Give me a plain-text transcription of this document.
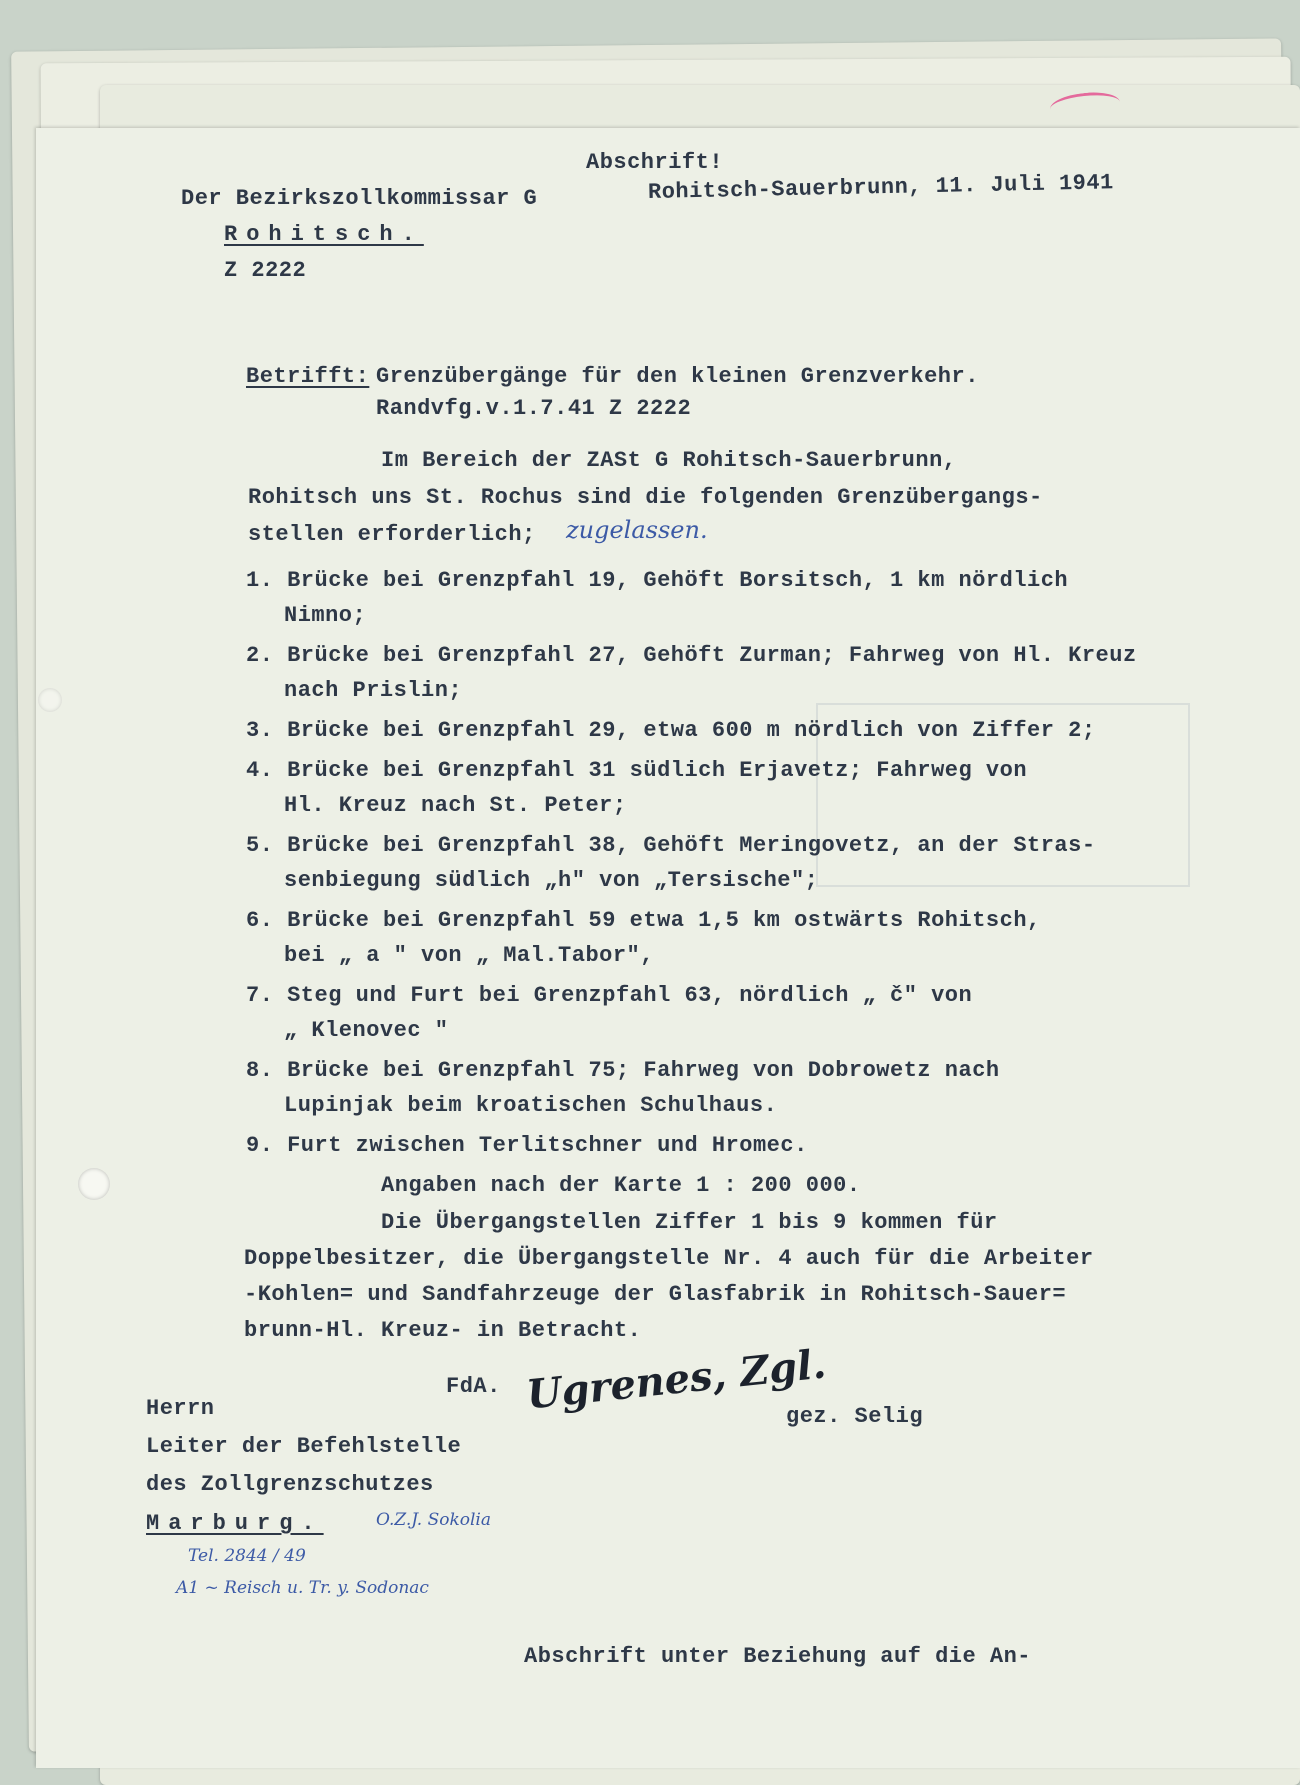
Abschrift!
Der Bezirkszollkommissar G	Rohitsch-Sauerbrunn, 11. Juli 1941
Rohitsch.
Z 2222
Betrifft: Grenzübergänge für den kleinen Grenzverkehr.
Randvfg.v.1.7.41 Z 2222
Im Bereich der ZASt G Rohitsch-Sauerbrunn,
Rohitsch uns St. Rochus sind die folgenden Grenzübergangs-
stellen erforderlich; zugelassen.
1. Brücke bei Grenzpfahl 19, Gehöft Borsitsch, 1 km nördlich
Nimno;
2. Brücke bei Grenzpfahl 27, Gehöft Zurman; Fahrweg von Hl. Kreuz
nach Prislin;
3. Brücke bei Grenzpfahl 29, etwa 600 m nördlich von Ziffer 2;
4. Brücke bei Grenzpfahl 31 südlich Erjavetz; Fahrweg von
Hl. Kreuz nach St. Peter;
5. Brücke bei Grenzpfahl 38, Gehöft Meringovetz, an der Stras-
senbiegung südlich „h" von „Tersische";
6. Brücke bei Grenzpfahl 59 etwa 1,5 km ostwärts Rohitsch,
bei „ a " von „ Mal.Tabor",
7. Steg und Furt bei Grenzpfahl 63, nördlich „ č" von
„ Klenovec "
8. Brücke bei Grenzpfahl 75; Fahrweg von Dobrowetz nach
Lupinjak beim kroatischen Schulhaus.
9. Furt zwischen Terlitschner und Hromec.
Angaben nach der Karte 1 : 200 000.
Die Übergangstellen Ziffer 1 bis 9 kommen für
Doppelbesitzer, die Übergangstelle Nr. 4 auch für die Arbeiter
-Kohlen= und Sandfahrzeuge der Glasfabrik in Rohitsch-Sauer=
brunn-Hl. Kreuz- in Betracht.
FdA. Ugrenes, Zgl.
gez. Selig
Herrn
Leiter der Befehlstelle
des Zollgrenzschutzes
Marburg.	O.Z.J. Sokolia
Tel. 2844 / 49
A1 ~ Reisch u. Tr. y. Sodonac
Abschrift unter Beziehung auf die An-
